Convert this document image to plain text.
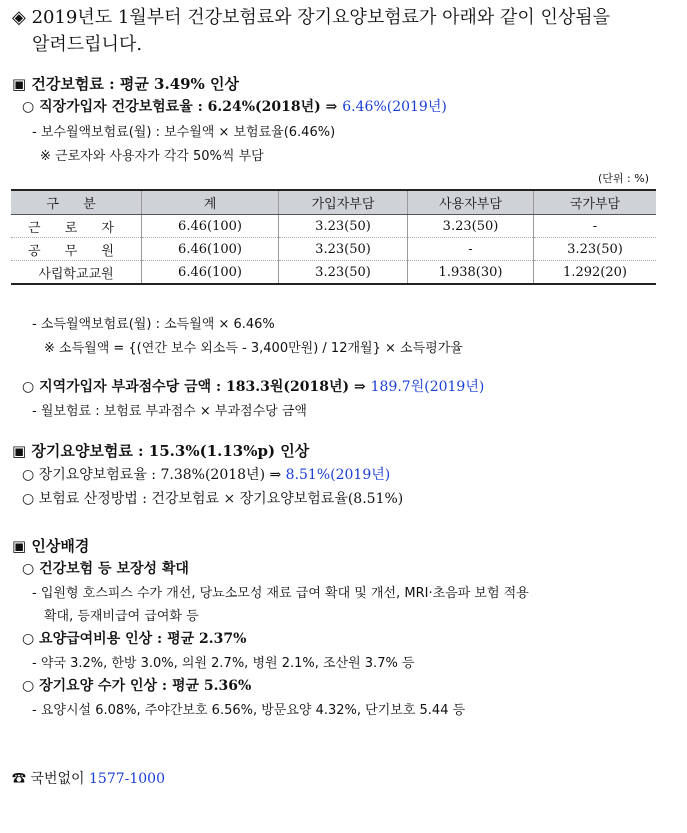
◈ 2019년도 1월부터 건강보험료와 장기요양보험료가 아래와 같이 인상됨을
알려드립니다.
▣ 건강보험료 : 평균 3.49% 인상
○ 직장가입자 건강보험료율 : 6.24%(2018년) ⇒ 6.46%(2019년)
- 보수월액보험료(월) : 보수월액 × 보험료율(6.46%)
※ 근로자와 사용자가 각각 50%씩 부담
(단위 : %)
구 분	계	가입자부담	사용자부담	국가부담
근 로 자	6.46(100)	3.23(50)	3.23(50)	-
공 무 원	6.46(100)	3.23(50)	-	3.23(50)
사립학교교원	6.46(100)	3.23(50)	1.938(30)	1.292(20)
- 소득월액보험료(월) : 소득월액 × 6.46%
※ 소득월액 = {(연간 보수 외소득 - 3,400만원) / 12개월} × 소득평가율
○ 지역가입자 부과점수당 금액 : 183.3원(2018년) ⇒ 189.7원(2019년)
- 월보험료 : 보험료 부과점수 × 부과점수당 금액
▣ 장기요양보험료 : 15.3%(1.13%p) 인상
○ 장기요양보험료율 : 7.38%(2018년) ⇒ 8.51%(2019년)
○ 보험료 산정방법 : 건강보험료 × 장기요양보험료율(8.51%)
▣ 인상배경
○ 건강보험 등 보장성 확대
- 입원형 호스피스 수가 개선, 당뇨소모성 재료 급여 확대 및 개선, MRI·초음파 보험 적용
확대, 등재비급여 급여화 등
○ 요양급여비용 인상 : 평균 2.37%
- 약국 3.2%, 한방 3.0%, 의원 2.7%, 병원 2.1%, 조산원 3.7% 등
○ 장기요양 수가 인상 : 평균 5.36%
- 요양시설 6.08%, 주야간보호 6.56%, 방문요양 4.32%, 단기보호 5.44 등
☎ 국번없이 1577-1000
